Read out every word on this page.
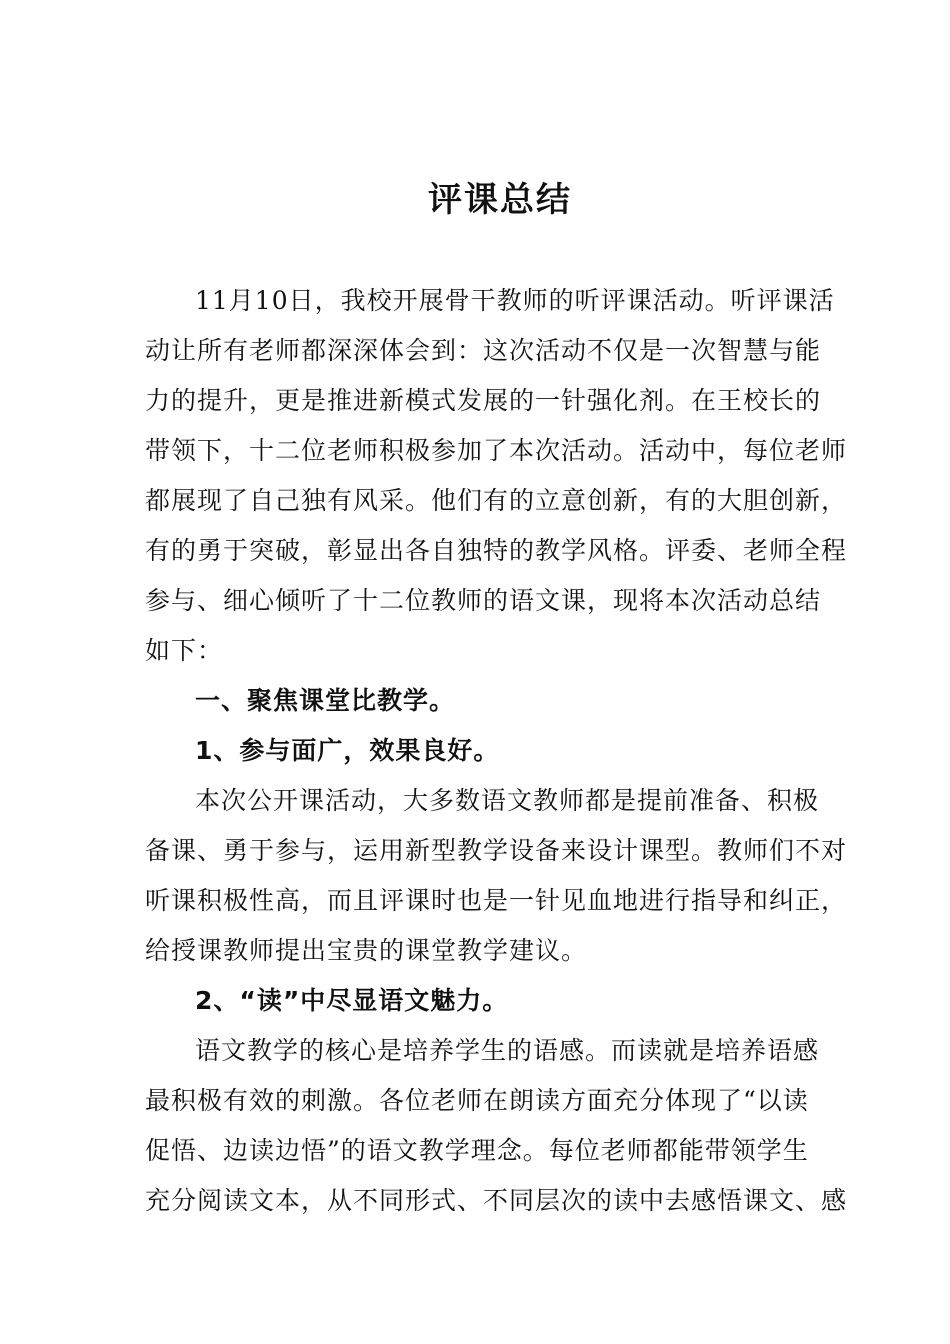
评课总结
11月10日，我校开展骨干教师的听评课活动。听评课活
动让所有老师都深深体会到：这次活动不仅是一次智慧与能
力的提升，更是推进新模式发展的一针强化剂。在王校长的
带领下，十二位老师积极参加了本次活动。活动中，每位老师
都展现了自己独有风采。他们有的立意创新，有的大胆创新，
有的勇于突破，彰显出各自独特的教学风格。评委、老师全程
参与、细心倾听了十二位教师的语文课，现将本次活动总结
如下：
一、聚焦课堂比教学。
1、参与面广，效果良好。
本次公开课活动，大多数语文教师都是提前准备、积极
备课、勇于参与，运用新型教学设备来设计课型。教师们不对
听课积极性高，而且评课时也是一针见血地进行指导和纠正，
给授课教师提出宝贵的课堂教学建议。
2、“读”中尽显语文魅力。
语文教学的核心是培养学生的语感。而读就是培养语感
最积极有效的刺激。各位老师在朗读方面充分体现了“以读
促悟、边读边悟”的语文教学理念。每位老师都能带领学生
充分阅读文本，从不同形式、不同层次的读中去感悟课文、感
